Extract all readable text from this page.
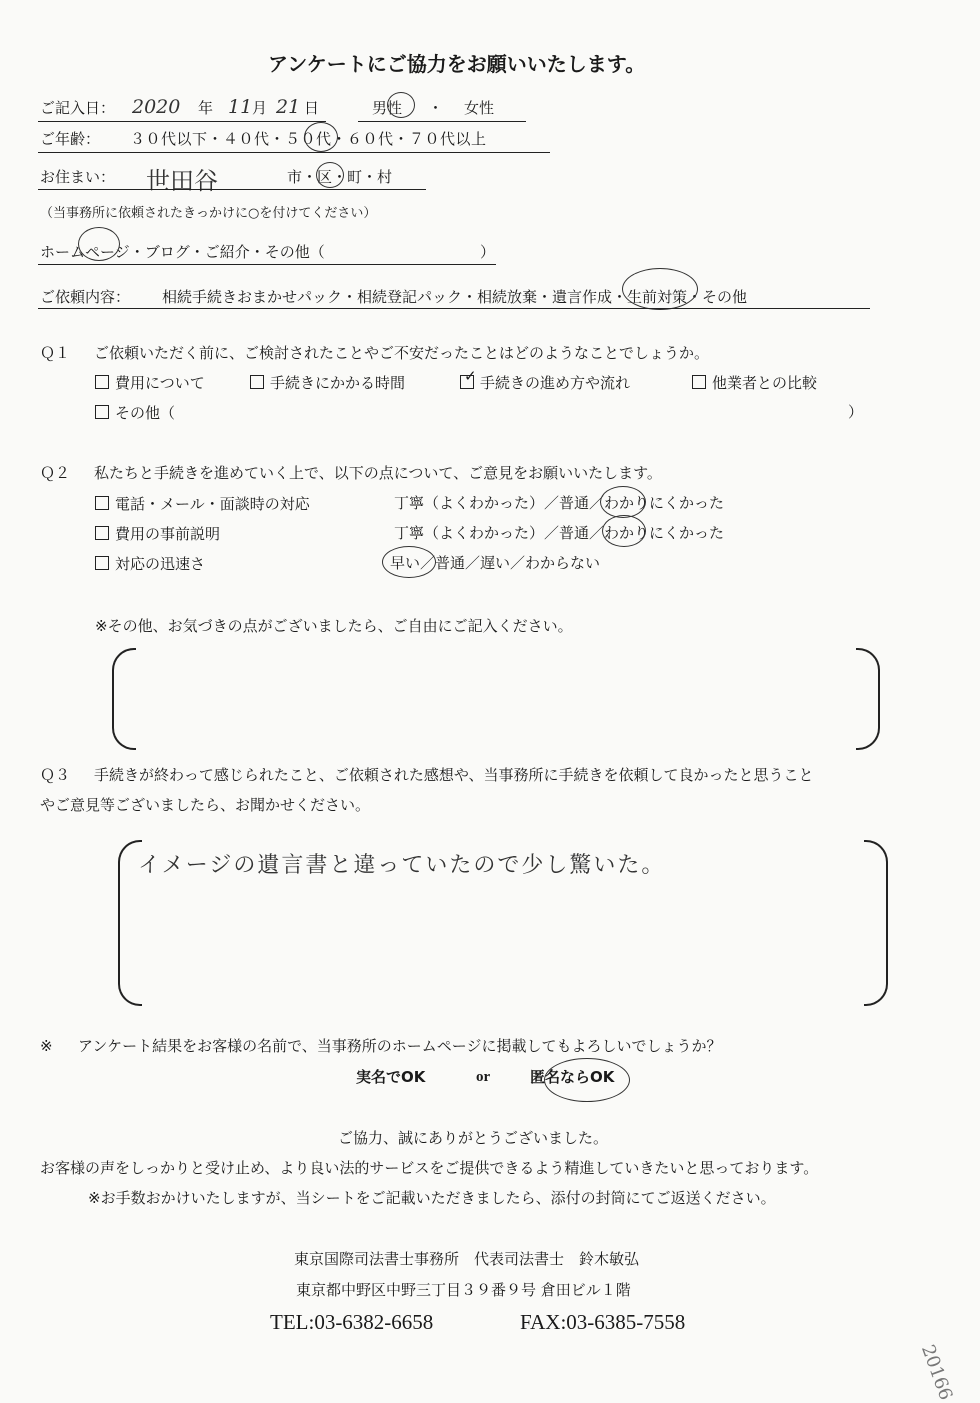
アンケートにご協力をお願いいたします。
ご記入日： 2020 年 11 月 21 日	男性 ・ 女性
ご年齢： ３０代以下・４０代・５０代・６０代・７０代以上
お住まい： 世田谷	市・区・町・村
（当事務所に依頼されたきっかけに○を付けてください）
ホームページ・ブログ・ご紹介・その他（	）
ご依頼内容： 相続手続きおまかせパック・相続登記パック・相続放棄・遺言作成・生前対策・その他
Ｑ１ ご依頼いただく前に、ご検討されたことやご不安だったことはどのようなことでしょうか。
費用について	手続きにかかる時間	✓ 手続きの進め方や流れ	他業者との比較
その他（	）
Ｑ２ 私たちと手続きを進めていく上で、以下の点について、ご意見をお願いいたします。
電話・メール・面談時の対応	丁寧（よくわかった）／普通／わかりにくかった
費用の事前説明	丁寧（よくわかった）／普通／わかりにくかった
対応の迅速さ	早い／普通／遅い／わからない
※その他、お気づきの点がございましたら、ご自由にご記入ください。
Ｑ３ 手続きが終わって感じられたこと、ご依頼された感想や、当事務所に手続きを依頼して良かったと思うこと
やご意見等ございましたら、お聞かせください。
イメージの遺言書と違っていたので少し驚いた。
※ アンケート結果をお客様の名前で、当事務所のホームページに掲載してもよろしいでしょうか？
実名でOK	or	匿名ならOK
ご協力、誠にありがとうございました。
お客様の声をしっかりと受け止め、より良い法的サービスをご提供できるよう精進していきたいと思っております。
※お手数おかけいたしますが、当シートをご記載いただきましたら、添付の封筒にてご返送ください。
東京国際司法書士事務所　代表司法書士　鈴木敏弘
東京都中野区中野三丁目３９番９号 倉田ビル１階
TEL:03-6382-6658	FAX:03-6385-7558
20166
